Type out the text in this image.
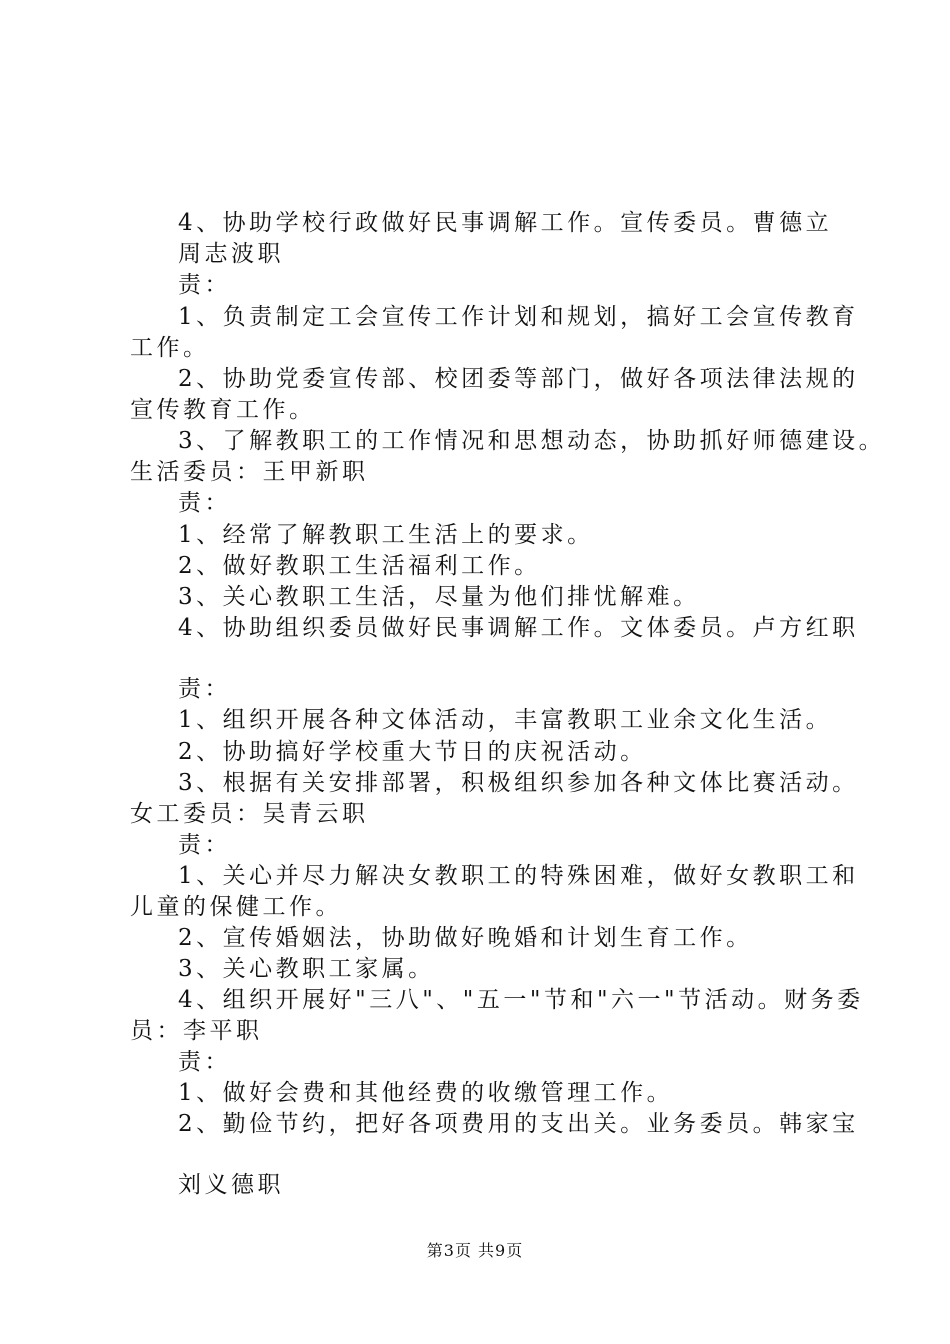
4、协助学校行政做好民事调解工作。宣传委员。曹德立
周志波职
责：
1、负责制定工会宣传工作计划和规划，搞好工会宣传教育
工作。
2、协助党委宣传部、校团委等部门，做好各项法律法规的
宣传教育工作。
3、了解教职工的工作情况和思想动态，协助抓好师德建设。
生活委员：王甲新职
责：
1、经常了解教职工生活上的要求。
2、做好教职工生活福利工作。
3、关心教职工生活，尽量为他们排忧解难。
4、协助组织委员做好民事调解工作。文体委员。卢方红职
责：
1、组织开展各种文体活动，丰富教职工业余文化生活。
2、协助搞好学校重大节日的庆祝活动。
3、根据有关安排部署，积极组织参加各种文体比赛活动。
女工委员：吴青云职
责：
1、关心并尽力解决女教职工的特殊困难，做好女教职工和
儿童的保健工作。
2、宣传婚姻法，协助做好晚婚和计划生育工作。
3、关心教职工家属。
4、组织开展好"三八"、"五一"节和"六一"节活动。财务委
员：李平职
责：
1、做好会费和其他经费的收缴管理工作。
2、勤俭节约，把好各项费用的支出关。业务委员。韩家宝
刘义德职
第3页 共9页
